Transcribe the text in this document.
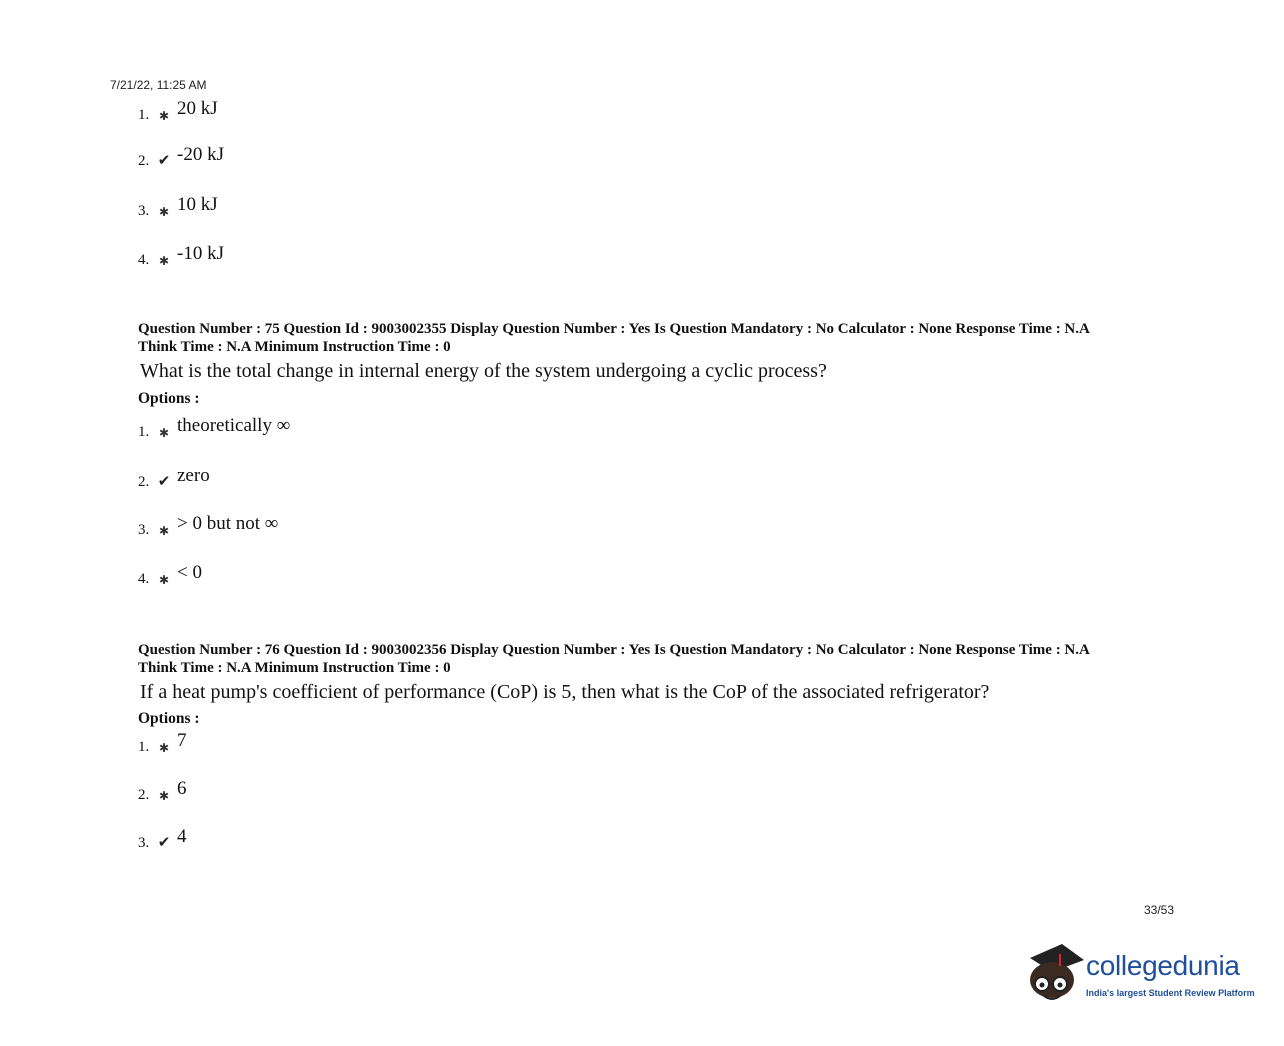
7/21/22, 11:25 AM
1. ✱ 20 kJ
2. ✔ -20 kJ
3. ✱ 10 kJ
4. ✱ -10 kJ
Question Number : 75 Question Id : 9003002355 Display Question Number : Yes Is Question Mandatory : No Calculator : None Response Time : N.A
Think Time : N.A Minimum Instruction Time : 0
What is the total change in internal energy of the system undergoing a cyclic process?
Options :
1. ✱ theoretically ∞
2. ✔ zero
3. ✱ > 0 but not ∞
4. ✱ < 0
Question Number : 76 Question Id : 9003002356 Display Question Number : Yes Is Question Mandatory : No Calculator : None Response Time : N.A
Think Time : N.A Minimum Instruction Time : 0
If a heat pump's coefficient of performance (CoP) is 5, then what is the CoP of the associated refrigerator?
Options :
1. ✱ 7
2. ✱ 6
3. ✔ 4
33/53
collegedunia
India's largest Student Review Platform
